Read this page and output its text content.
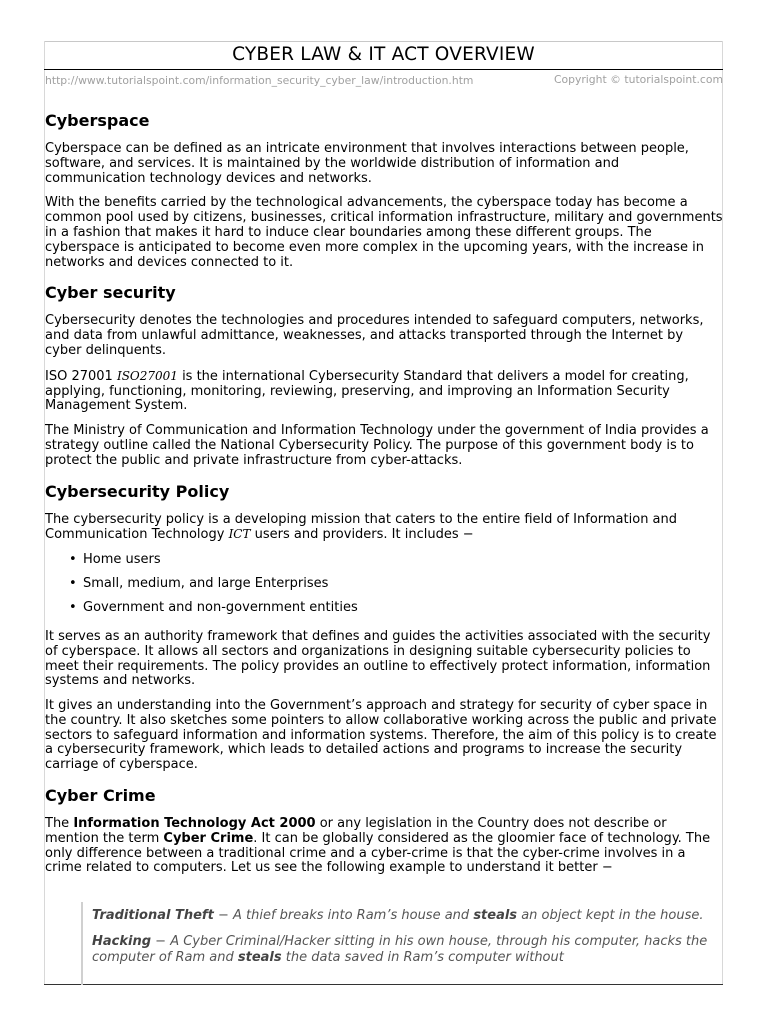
CYBER LAW & IT ACT OVERVIEW
http://www.tutorialspoint.com/information_security_cyber_law/introduction.htm	Copyright © tutorialspoint.com
Cyberspace

Cyberspace can be defined as an intricate environment that involves interactions between people, software, and services. It is maintained by the worldwide distribution of information and communication technology devices and networks.

With the benefits carried by the technological advancements, the cyberspace today has become a common pool used by citizens, businesses, critical information infrastructure, military and governments in a fashion that makes it hard to induce clear boundaries among these different groups. The cyberspace is anticipated to become even more complex in the upcoming years, with the increase in networks and devices connected to it.

Cyber security

Cybersecurity denotes the technologies and procedures intended to safeguard computers, networks, and data from unlawful admittance, weaknesses, and attacks transported through the Internet by cyber delinquents.

ISO 27001 ISO27001 is the international Cybersecurity Standard that delivers a model for creating, applying, functioning, monitoring, reviewing, preserving, and improving an Information Security Management System.

The Ministry of Communication and Information Technology under the government of India provides a strategy outline called the National Cybersecurity Policy. The purpose of this government body is to protect the public and private infrastructure from cyber-attacks.

Cybersecurity Policy

The cybersecurity policy is a developing mission that caters to the entire field of Information and Communication Technology ICT users and providers. It includes −

• Home users
• Small, medium, and large Enterprises
• Government and non-government entities

It serves as an authority framework that defines and guides the activities associated with the security of cyberspace. It allows all sectors and organizations in designing suitable cybersecurity policies to meet their requirements. The policy provides an outline to effectively protect information, information systems and networks.

It gives an understanding into the Government’s approach and strategy for security of cyber space in the country. It also sketches some pointers to allow collaborative working across the public and private sectors to safeguard information and information systems. Therefore, the aim of this policy is to create a cybersecurity framework, which leads to detailed actions and programs to increase the security carriage of cyberspace.

Cyber Crime

The Information Technology Act 2000 or any legislation in the Country does not describe or mention the term Cyber Crime. It can be globally considered as the gloomier face of technology. The only difference between a traditional crime and a cyber-crime is that the cyber-crime involves in a crime related to computers. Let us see the following example to understand it better −

Traditional Theft − A thief breaks into Ram’s house and steals an object kept in the house.

Hacking − A Cyber Criminal/Hacker sitting in his own house, through his computer, hacks the computer of Ram and steals the data saved in Ram’s computer without
